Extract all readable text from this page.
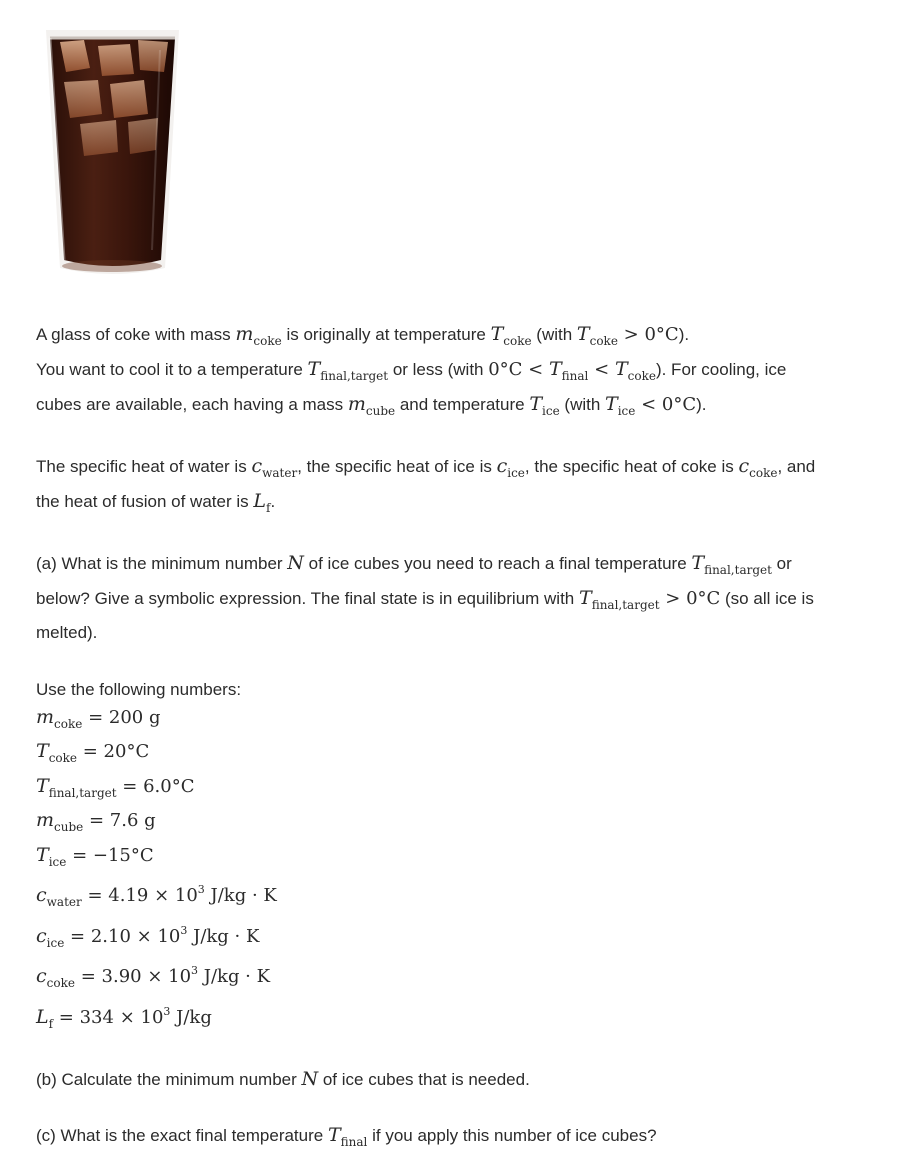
A glass of coke with mass $m_{coke}$ is originally at temperature $T_{coke}$ (with $T_{coke} > 0^\circ C$).
You want to cool it to a temperature $T_{final,target}$ or less (with $0^\circ C < T_{final} < T_{coke}$). For cooling, ice
cubes are available, each having a mass $m_{cube}$ and temperature $T_{ice}$ (with $T_{ice} < 0^\circ C$).

The specific heat of water is $c_{water}$, the specific heat of ice is $c_{ice}$, the specific heat of coke is $c_{coke}$, and
the heat of fusion of water is $L_f$.

(a) What is the minimum number N of ice cubes you need to reach a final temperature $T_{final,target}$ or
below? Give a symbolic expression. The final state is in equilibrium with $T_{final,target} > 0^\circ C$ (so all ice is
melted).

Use the following numbers:
$m_{coke} = 200$ g
$T_{coke} = 20^\circ C$
$T_{final,target} = 6.0^\circ C$
$m_{cube} = 7.6$ g
$T_{ice} = -15^\circ C$
$c_{water} = 4.19 \times 10^3$ J/kg · K
$c_{ice} = 2.10 \times 10^3$ J/kg · K
$c_{coke} = 3.90 \times 10^3$ J/kg · K
$L_f = 334 \times 10^3$ J/kg

(b) Calculate the minimum number N of ice cubes that is needed.

(c) What is the exact final temperature $T_{final}$ if you apply this number of ice cubes?
